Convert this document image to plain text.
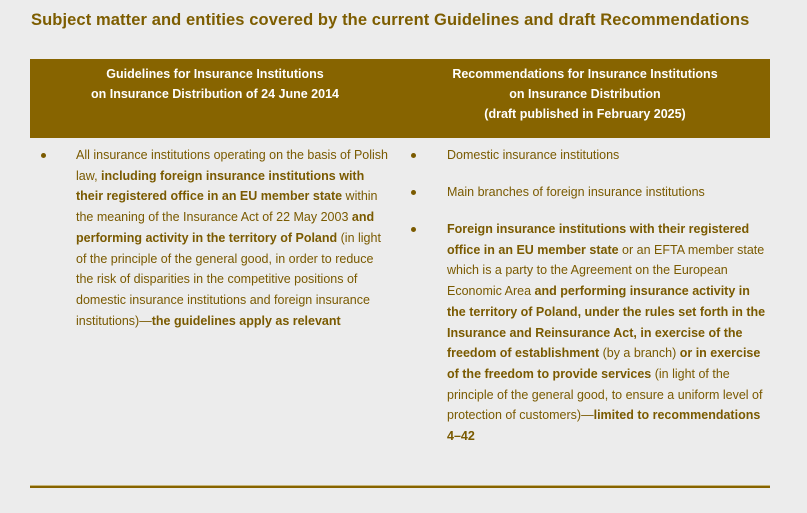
Subject matter and entities covered by the current Guidelines and draft Recommendations
Guidelines for Insurance Institutions
on Insurance Distribution of 24 June 2014
Recommendations for Insurance Institutions
on Insurance Distribution
(draft published in February 2025)
All insurance institutions operating on the basis of Polish law, including foreign insurance institutions with their registered office in an EU member state within the meaning of the Insurance Act of 22 May 2003 and performing activity in the territory of Poland (in light of the principle of the general good, in order to reduce the risk of disparities in the competitive positions of domestic insurance institutions and foreign insurance institutions)—the guidelines apply as relevant
Domestic insurance institutions
Main branches of foreign insurance institutions
Foreign insurance institutions with their registered office in an EU member state or an EFTA member state which is a party to the Agreement on the European Economic Area and performing insurance activity in the territory of Poland, under the rules set forth in the Insurance and Reinsurance Act, in exercise of the freedom of establishment (by a branch) or in exercise of the freedom to provide services (in light of the principle of the general good, to ensure a uniform level of protection of customers)—limited to recommendations 4–42
